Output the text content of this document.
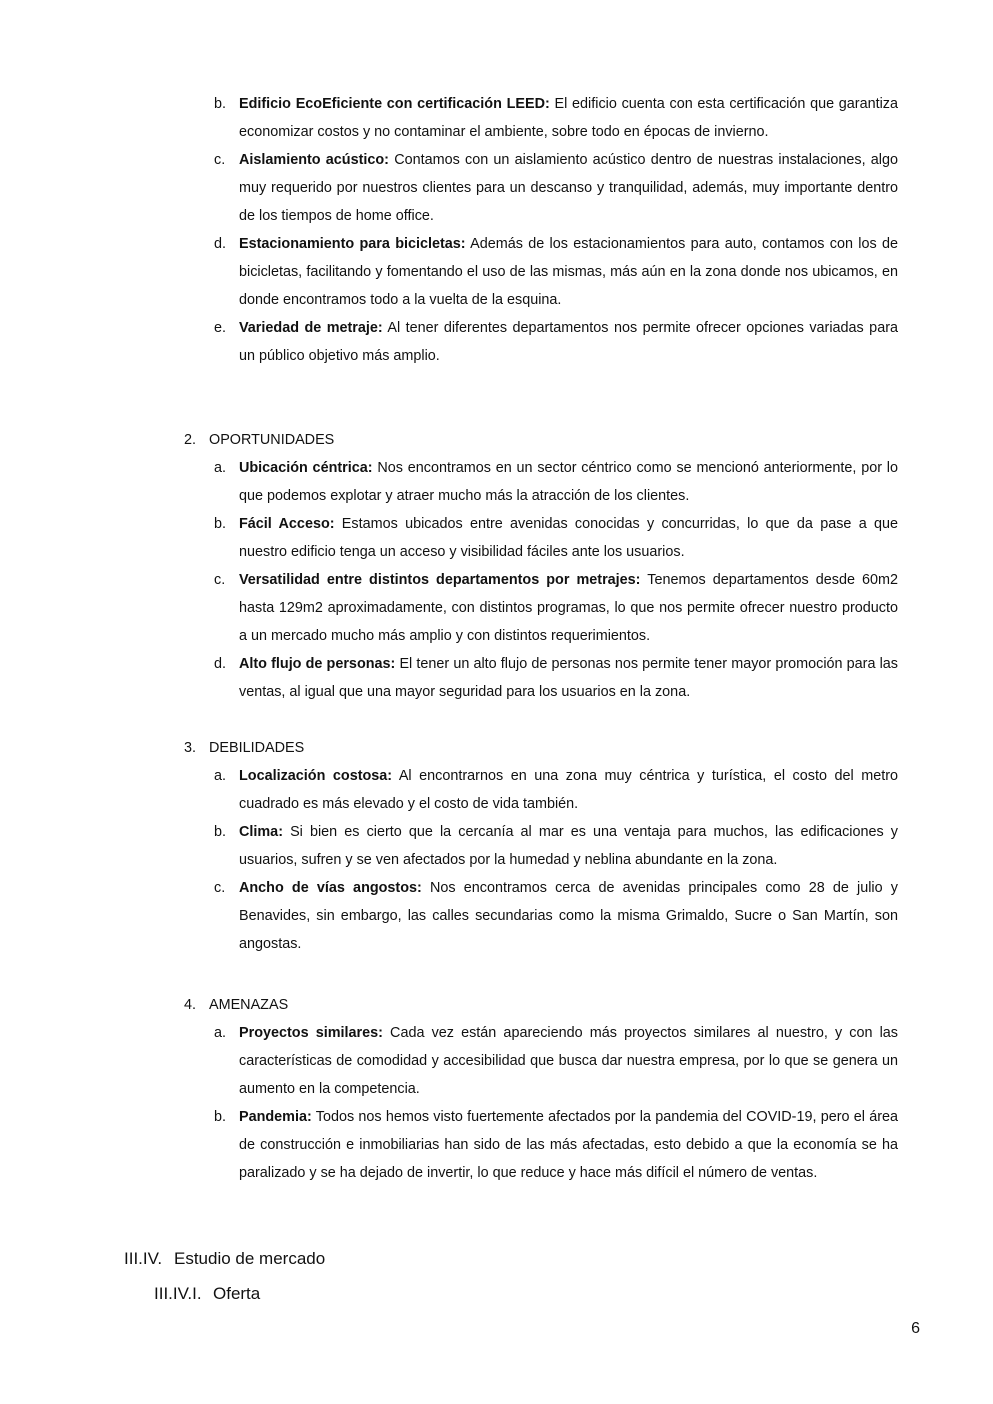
b. Edificio EcoEficiente con certificación LEED: El edificio cuenta con esta certificación que garantiza economizar costos y no contaminar el ambiente, sobre todo en épocas de invierno.
c. Aislamiento acústico: Contamos con un aislamiento acústico dentro de nuestras instalaciones, algo muy requerido por nuestros clientes para un descanso y tranquilidad, además, muy importante dentro de los tiempos de home office.
d. Estacionamiento para bicicletas: Además de los estacionamientos para auto, contamos con los de bicicletas, facilitando y fomentando el uso de las mismas, más aún en la zona donde nos ubicamos, en donde encontramos todo a la vuelta de la esquina.
e. Variedad de metraje: Al tener diferentes departamentos nos permite ofrecer opciones variadas para un público objetivo más amplio.
2. OPORTUNIDADES
a. Ubicación céntrica: Nos encontramos en un sector céntrico como se mencionó anteriormente, por lo que podemos explotar y atraer mucho más la atracción de los clientes.
b. Fácil Acceso: Estamos ubicados entre avenidas conocidas y concurridas, lo que da pase a que nuestro edificio tenga un acceso y visibilidad fáciles ante los usuarios.
c. Versatilidad entre distintos departamentos por metrajes: Tenemos departamentos desde 60m2 hasta 129m2 aproximadamente, con distintos programas, lo que nos permite ofrecer nuestro producto a un mercado mucho más amplio y con distintos requerimientos.
d. Alto flujo de personas: El tener un alto flujo de personas nos permite tener mayor promoción para las ventas, al igual que una mayor seguridad para los usuarios en la zona.
3. DEBILIDADES
a. Localización costosa: Al encontrarnos en una zona muy céntrica y turística, el costo del metro cuadrado es más elevado y el costo de vida también.
b. Clima: Si bien es cierto que la cercanía al mar es una ventaja para muchos, las edificaciones y usuarios, sufren y se ven afectados por la humedad y neblina abundante en la zona.
c. Ancho de vías angostos: Nos encontramos cerca de avenidas principales como 28 de julio y Benavides, sin embargo, las calles secundarias como la misma Grimaldo, Sucre o San Martín, son angostas.
4. AMENAZAS
a. Proyectos similares: Cada vez están apareciendo más proyectos similares al nuestro, y con las características de comodidad y accesibilidad que busca dar nuestra empresa, por lo que se genera un aumento en la competencia.
b. Pandemia: Todos nos hemos visto fuertemente afectados por la pandemia del COVID-19, pero el área de construcción e inmobiliarias han sido de las más afectadas, esto debido a que la economía se ha paralizado y se ha dejado de invertir, lo que reduce y hace más difícil el número de ventas.
III.IV. Estudio de mercado
III.IV.I. Oferta
6
